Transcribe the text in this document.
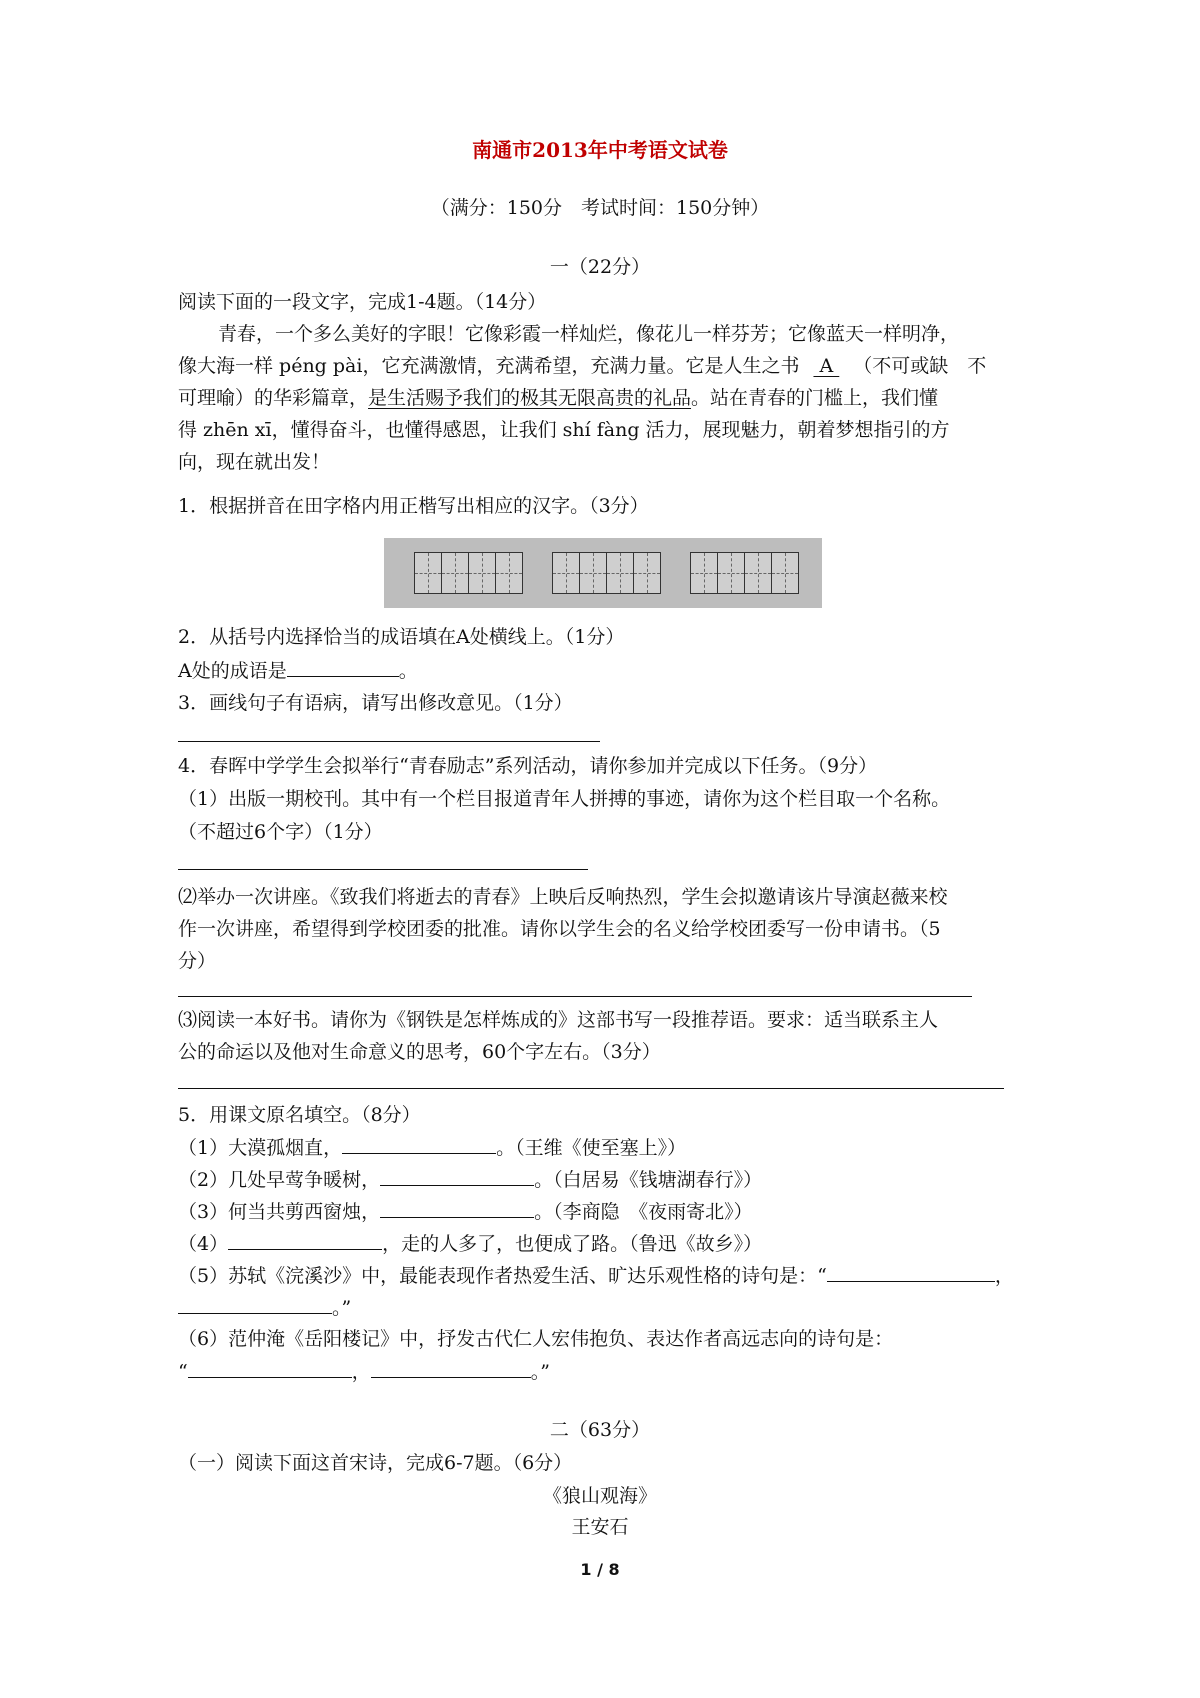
南通市2013年中考语文试卷
（满分：150分　考试时间：150分钟）
一（22分）
阅读下面的一段文字，完成1-4题。（14分）
青春，一个多么美好的字眼！它像彩霞一样灿烂，像花儿一样芬芳；它像蓝天一样明净，
像大海一样 péng pài，它充满激情，充满希望，充满力量。它是人生之书 A （不可或缺　不
可理喻）的华彩篇章，是生活赐予我们的极其无限高贵的礼品。站在青春的门槛上，我们懂
得 zhēn xī，懂得奋斗，也懂得感恩，让我们 shí fàng 活力，展现魅力，朝着梦想指引的方
向，现在就出发！
1．根据拼音在田字格内用正楷写出相应的汉字。（3分）
2．从括号内选择恰当的成语填在A处横线上。（1分）
A处的成语是	。
3．画线句子有语病，请写出修改意见。（1分）
4．春晖中学学生会拟举行“青春励志”系列活动，请你参加并完成以下任务。（9分）
（1）出版一期校刊。其中有一个栏目报道青年人拼搏的事迹，请你为这个栏目取一个名称。
（不超过6个字）（1分）
⑵举办一次讲座。《致我们将逝去的青春》上映后反响热烈，学生会拟邀请该片导演赵薇来校
作一次讲座，希望得到学校团委的批准。请你以学生会的名义给学校团委写一份申请书。（5
分）
⑶阅读一本好书。请你为《钢铁是怎样炼成的》这部书写一段推荐语。要求：适当联系主人
公的命运以及他对生命意义的思考，60个字左右。（3分）
5．用课文原名填空。（8分）
（1）大漠孤烟直，	。（王维《使至塞上》）
（2）几处早莺争暖树，	。（白居易《钱塘湖春行》）
（3）何当共剪西窗烛，	。（李商隐　《夜雨寄北》）
（4）	，走的人多了，也便成了路。（鲁迅《故乡》）
（5）苏轼《浣溪沙》中，最能表现作者热爱生活、旷达乐观性格的诗句是：“	，
。”
（6）范仲淹《岳阳楼记》中，抒发古代仁人宏伟抱负、表达作者高远志向的诗句是：
“	，	。”
二（63分）
（一）阅读下面这首宋诗，完成6-7题。（6分）
《狼山观海》
王安石
1 / 8
